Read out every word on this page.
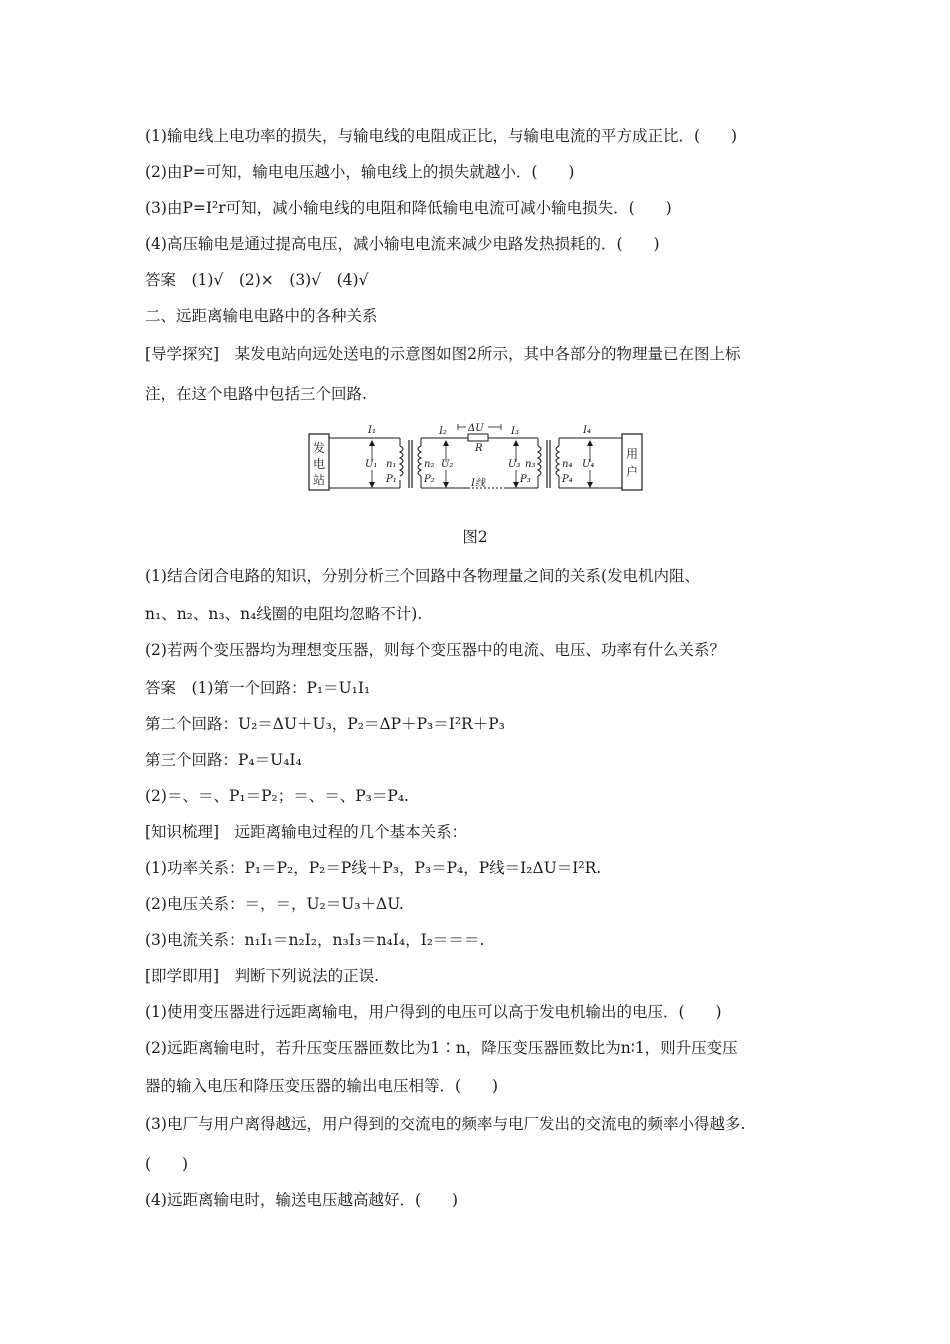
(1)输电线上电功率的损失，与输电线的电阻成正比，与输电电流的平方成正比．(　　)
(2)由P=可知，输电电压越小，输电线上的损失就越小．(　　)
(3)由P=I²r可知，减小输电线的电阻和降低输电电流可减小输电损失．(　　)
(4)高压输电是通过提高电压，减小输电电流来减少电路发热损耗的．(　　)
答案　(1)√　(2)×　(3)√　(4)√
二、远距离输电电路中的各种关系
[导学探究]　某发电站向远处送电的示意图如图2所示，其中各部分的物理量已在图上标
注，在这个电路中包括三个回路.
发
电
站
I₁
U₁ n₁
P₁
ΔU
R
I₂
U₂
n₂
P₂	I线
I₃
U₃ n₃
P₃
I₄
U₄
n₄
P₄
用
户
图2
(1)结合闭合电路的知识，分别分析三个回路中各物理量之间的关系(发电机内阻、
n₁、n₂、n₃、n₄线圈的电阻均忽略不计).
(2)若两个变压器均为理想变压器，则每个变压器中的电流、电压、功率有什么关系？
答案　(1)第一个回路：P₁＝U₁I₁
第二个回路：U₂＝ΔU＋U₃，P₂＝ΔP＋P₃＝I²R＋P₃
第三个回路：P₄＝U₄I₄
(2)＝、＝、P₁＝P₂；＝、＝、P₃＝P₄.
[知识梳理]　远距离输电过程的几个基本关系：
(1)功率关系：P₁＝P₂，P₂＝P线＋P₃，P₃＝P₄，P线＝I₂ΔU＝I²R.
(2)电压关系：＝，＝，U₂＝U₃＋ΔU.
(3)电流关系：n₁I₁＝n₂I₂，n₃I₃＝n₄I₄，I₂＝＝＝.
[即学即用]　判断下列说法的正误.
(1)使用变压器进行远距离输电，用户得到的电压可以高于发电机输出的电压．(　　)
(2)远距离输电时，若升压变压器匝数比为1∶n，降压变压器匝数比为n∶1，则升压变压
器的输入电压和降压变压器的输出电压相等．(　　)
(3)电厂与用户离得越远，用户得到的交流电的频率与电厂发出的交流电的频率小得越多.
(　　)
(4)远距离输电时，输送电压越高越好．(　　)
